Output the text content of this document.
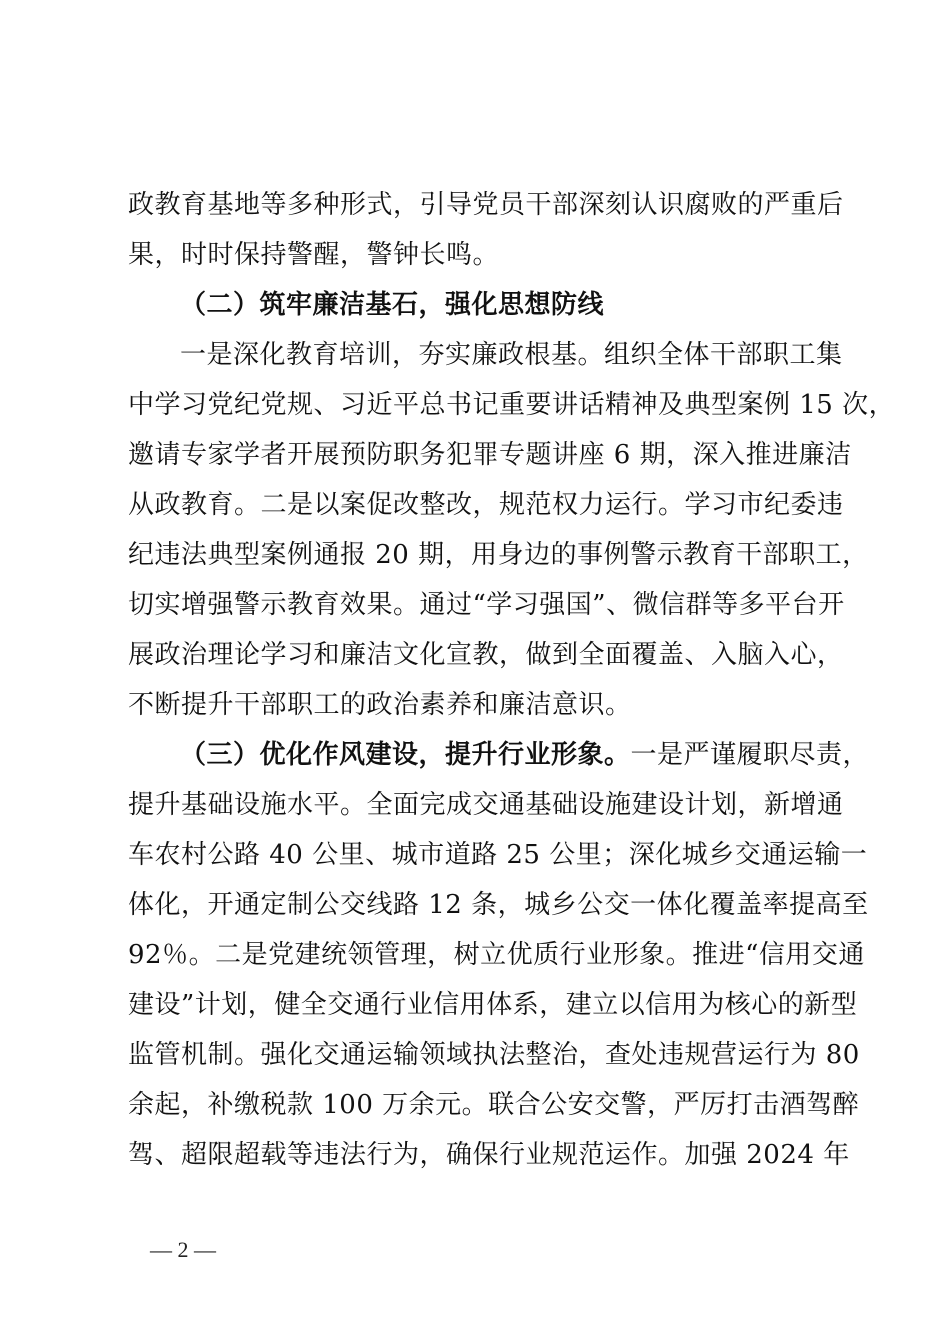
政教育基地等多种形式，引导党员干部深刻认识腐败的严重后
果，时时保持警醒，警钟长鸣。
（二）筑牢廉洁基石，强化思想防线
一是深化教育培训，夯实廉政根基。组织全体干部职工集
中学习党纪党规、习近平总书记重要讲话精神及典型案例 15 次，
邀请专家学者开展预防职务犯罪专题讲座 6 期，深入推进廉洁
从政教育。二是以案促改整改，规范权力运行。学习市纪委违
纪违法典型案例通报 20 期，用身边的事例警示教育干部职工，
切实增强警示教育效果。通过“学习强国”、微信群等多平台开
展政治理论学习和廉洁文化宣教，做到全面覆盖、入脑入心，
不断提升干部职工的政治素养和廉洁意识。
（三）优化作风建设，提升行业形象。一是严谨履职尽责，
提升基础设施水平。全面完成交通基础设施建设计划，新增通
车农村公路 40 公里、城市道路 25 公里；深化城乡交通运输一
体化，开通定制公交线路 12 条，城乡公交一体化覆盖率提高至
92％。二是党建统领管理，树立优质行业形象。推进“信用交通
建设”计划，健全交通行业信用体系，建立以信用为核心的新型
监管机制。强化交通运输领域执法整治，查处违规营运行为 80
余起，补缴税款 100 万余元。联合公安交警，严厉打击酒驾醉
驾、超限超载等违法行为，确保行业规范运作。加强 2024 年
— 2 —
